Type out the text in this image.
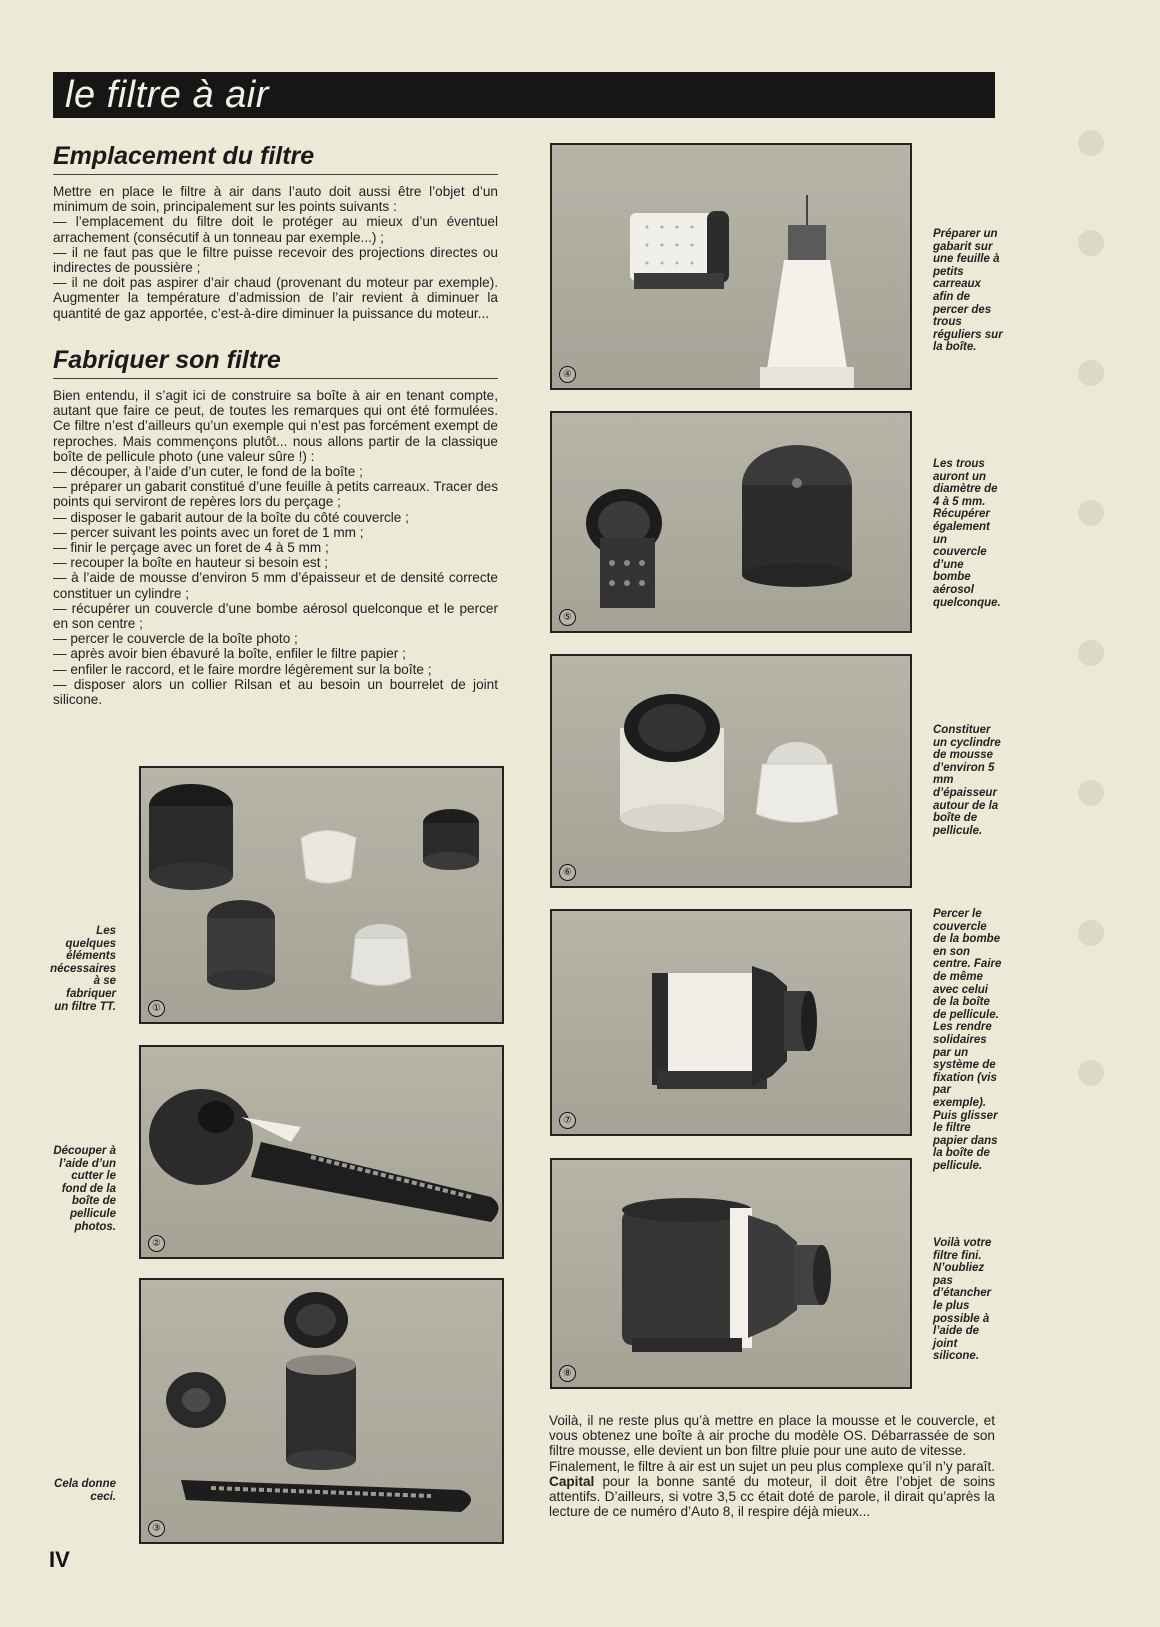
le filtre à air
Emplacement du filtre

Mettre en place le filtre à air dans l’auto doit aussi être l’objet d’un minimum de soin, principalement sur les points suivants :

— l’emplacement du filtre doit le protéger au mieux d’un éventuel arrachement (consécutif à un tonneau par exemple...) ;

— il ne faut pas que le filtre puisse recevoir des projections directes ou indirectes de poussière ;

— il ne doit pas aspirer d’air chaud (provenant du moteur par exemple). Augmenter la température d’admission de l’air revient à diminuer la quantité de gaz apportée, c’est-à-dire diminuer la puissance du moteur...

Fabriquer son filtre

Bien entendu, il s’agit ici de construire sa boîte à air en tenant compte, autant que faire ce peut, de toutes les remarques qui ont été formulées. Ce filtre n’est d’ailleurs qu’un exemple qui n’est pas forcément exempt de reproches. Mais commençons plutôt... nous allons partir de la classique boîte de pellicule photo (une valeur sûre !) :

— découper, à l’aide d’un cuter, le fond de la boîte ;

— préparer un gabarit constitué d’une feuille à petits carreaux. Tracer des points qui serviront de repères lors du perçage ;

— disposer le gabarit autour de la boîte du côté couvercle ;

— percer suivant les points avec un foret de 1 mm ;

— finir le perçage avec un foret de 4 à 5 mm ;

— recouper la boîte en hauteur si besoin est ;

— à l’aide de mousse d’environ 5 mm d’épaisseur et de densité correcte constituer un cylindre ;

— récupérer un couvercle d’une bombe aérosol quelconque et le percer en son centre ;

— percer le couvercle de la boîte photo ;

— après avoir bien ébavuré la boîte, enfiler le filtre papier ;

— enfiler le raccord, et le faire mordre légèrement sur la boîte ;

— disposer alors un collier Rilsan et au besoin un bourrelet de joint silicone.

①

Les quelques éléments nécessaires à se fabriquer un filtre TT.

②

Découper à l’aide d’un cutter le fond de la boîte de pellicule photos.

③

Cela donne ceci.

④

Préparer un gabarit sur une feuille à petits carreaux afin de percer des trous réguliers sur la boîte.

⑤

Les trous auront un diamètre de 4 à 5 mm. Récupérer également un couvercle d’une bombe aérosol quelconque.

⑥

Constituer un cyclindre de mousse d’environ 5 mm d’épaisseur autour de la boîte de pellicule.

⑦

Percer le couvercle de la bombe en son centre. Faire de même avec celui de la boîte de pellicule. Les rendre solidaires par un système de fixation (vis par exemple). Puis glisser le filtre papier dans la boîte de pellicule.

⑧

Voilà votre filtre fini. N’oubliez pas d’étancher le plus possible à l’aide de joint silicone.

Voilà, il ne reste plus qu’à mettre en place la mousse et le couvercle, et vous obtenez une boîte à air proche du modèle OS. Débarrassée de son filtre mousse, elle devient un bon filtre pluie pour une auto de vitesse.

Finalement, le filtre à air est un sujet un peu plus complexe qu’il n’y paraît. Capital pour la bonne santé du moteur, il doit être l’objet de soins attentifs. D’ailleurs, si votre 3,5 cc était doté de parole, il dirait qu’après la lecture de ce numéro d’Auto 8, il respire déjà mieux...

IV
